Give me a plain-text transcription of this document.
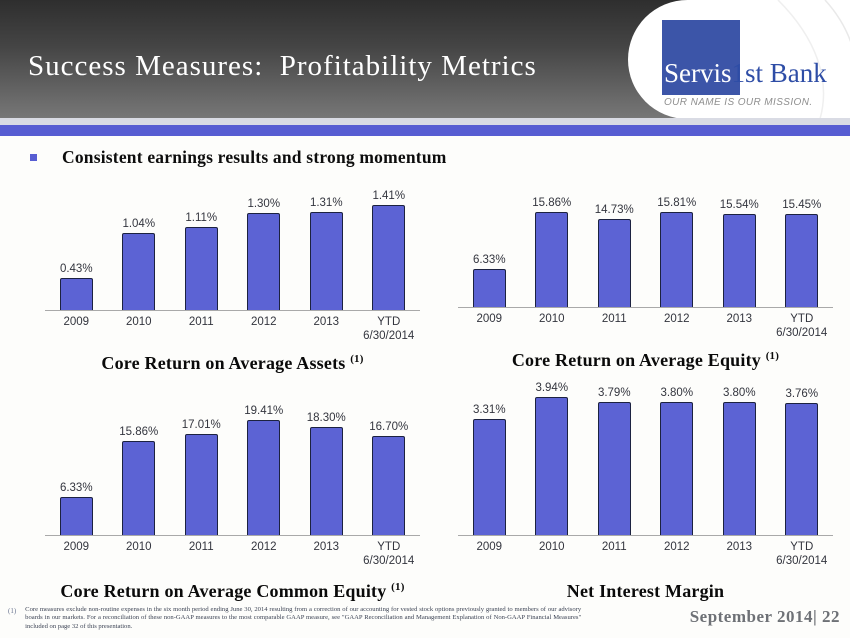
Success Measures:  Profitability Metrics	Servis1st Bank
OUR NAME IS OUR MISSION.
Consistent earnings results and strong momentum
0.43%
1.04%	1.11%
1.30%	1.31%
1.41%
2009	2010	2011	2012	2013	YTD
6/30/2014
Core Return on Average Assets $^{(1)}$
6.33%
15.86%
14.73%
15.81% 15.54% 15.45%
2009	2010	2011	2012	2013	YTD
6/30/2014
Core Return on Average Equity $^{(1)}$
6.33%
15.86%
17.01%
19.41%
18.30%
16.70%
2009	2010	2011	2012	2013	YTD
6/30/2014
Core Return on Average Common Equity $^{(1)}$
3.31%
3.94%	3.79%	3.80%	3.80%	3.76%
2009	2010	2011	2012	2013	YTD
6/30/2014
Net Interest Margin
(1) Core measures exclude non-routine expenses in the six month period ending June 30, 2014 resulting from a correction of our accounting for vested stock options previously granted to members of our advisory boards in our markets. For a reconciliation of these non-GAAP measures to the most comparable GAAP measure, see "GAAP Reconciliation and Management Explanation of Non-GAAP Financial Measures" included on page 32 of this presentation.
September 2014| 22
